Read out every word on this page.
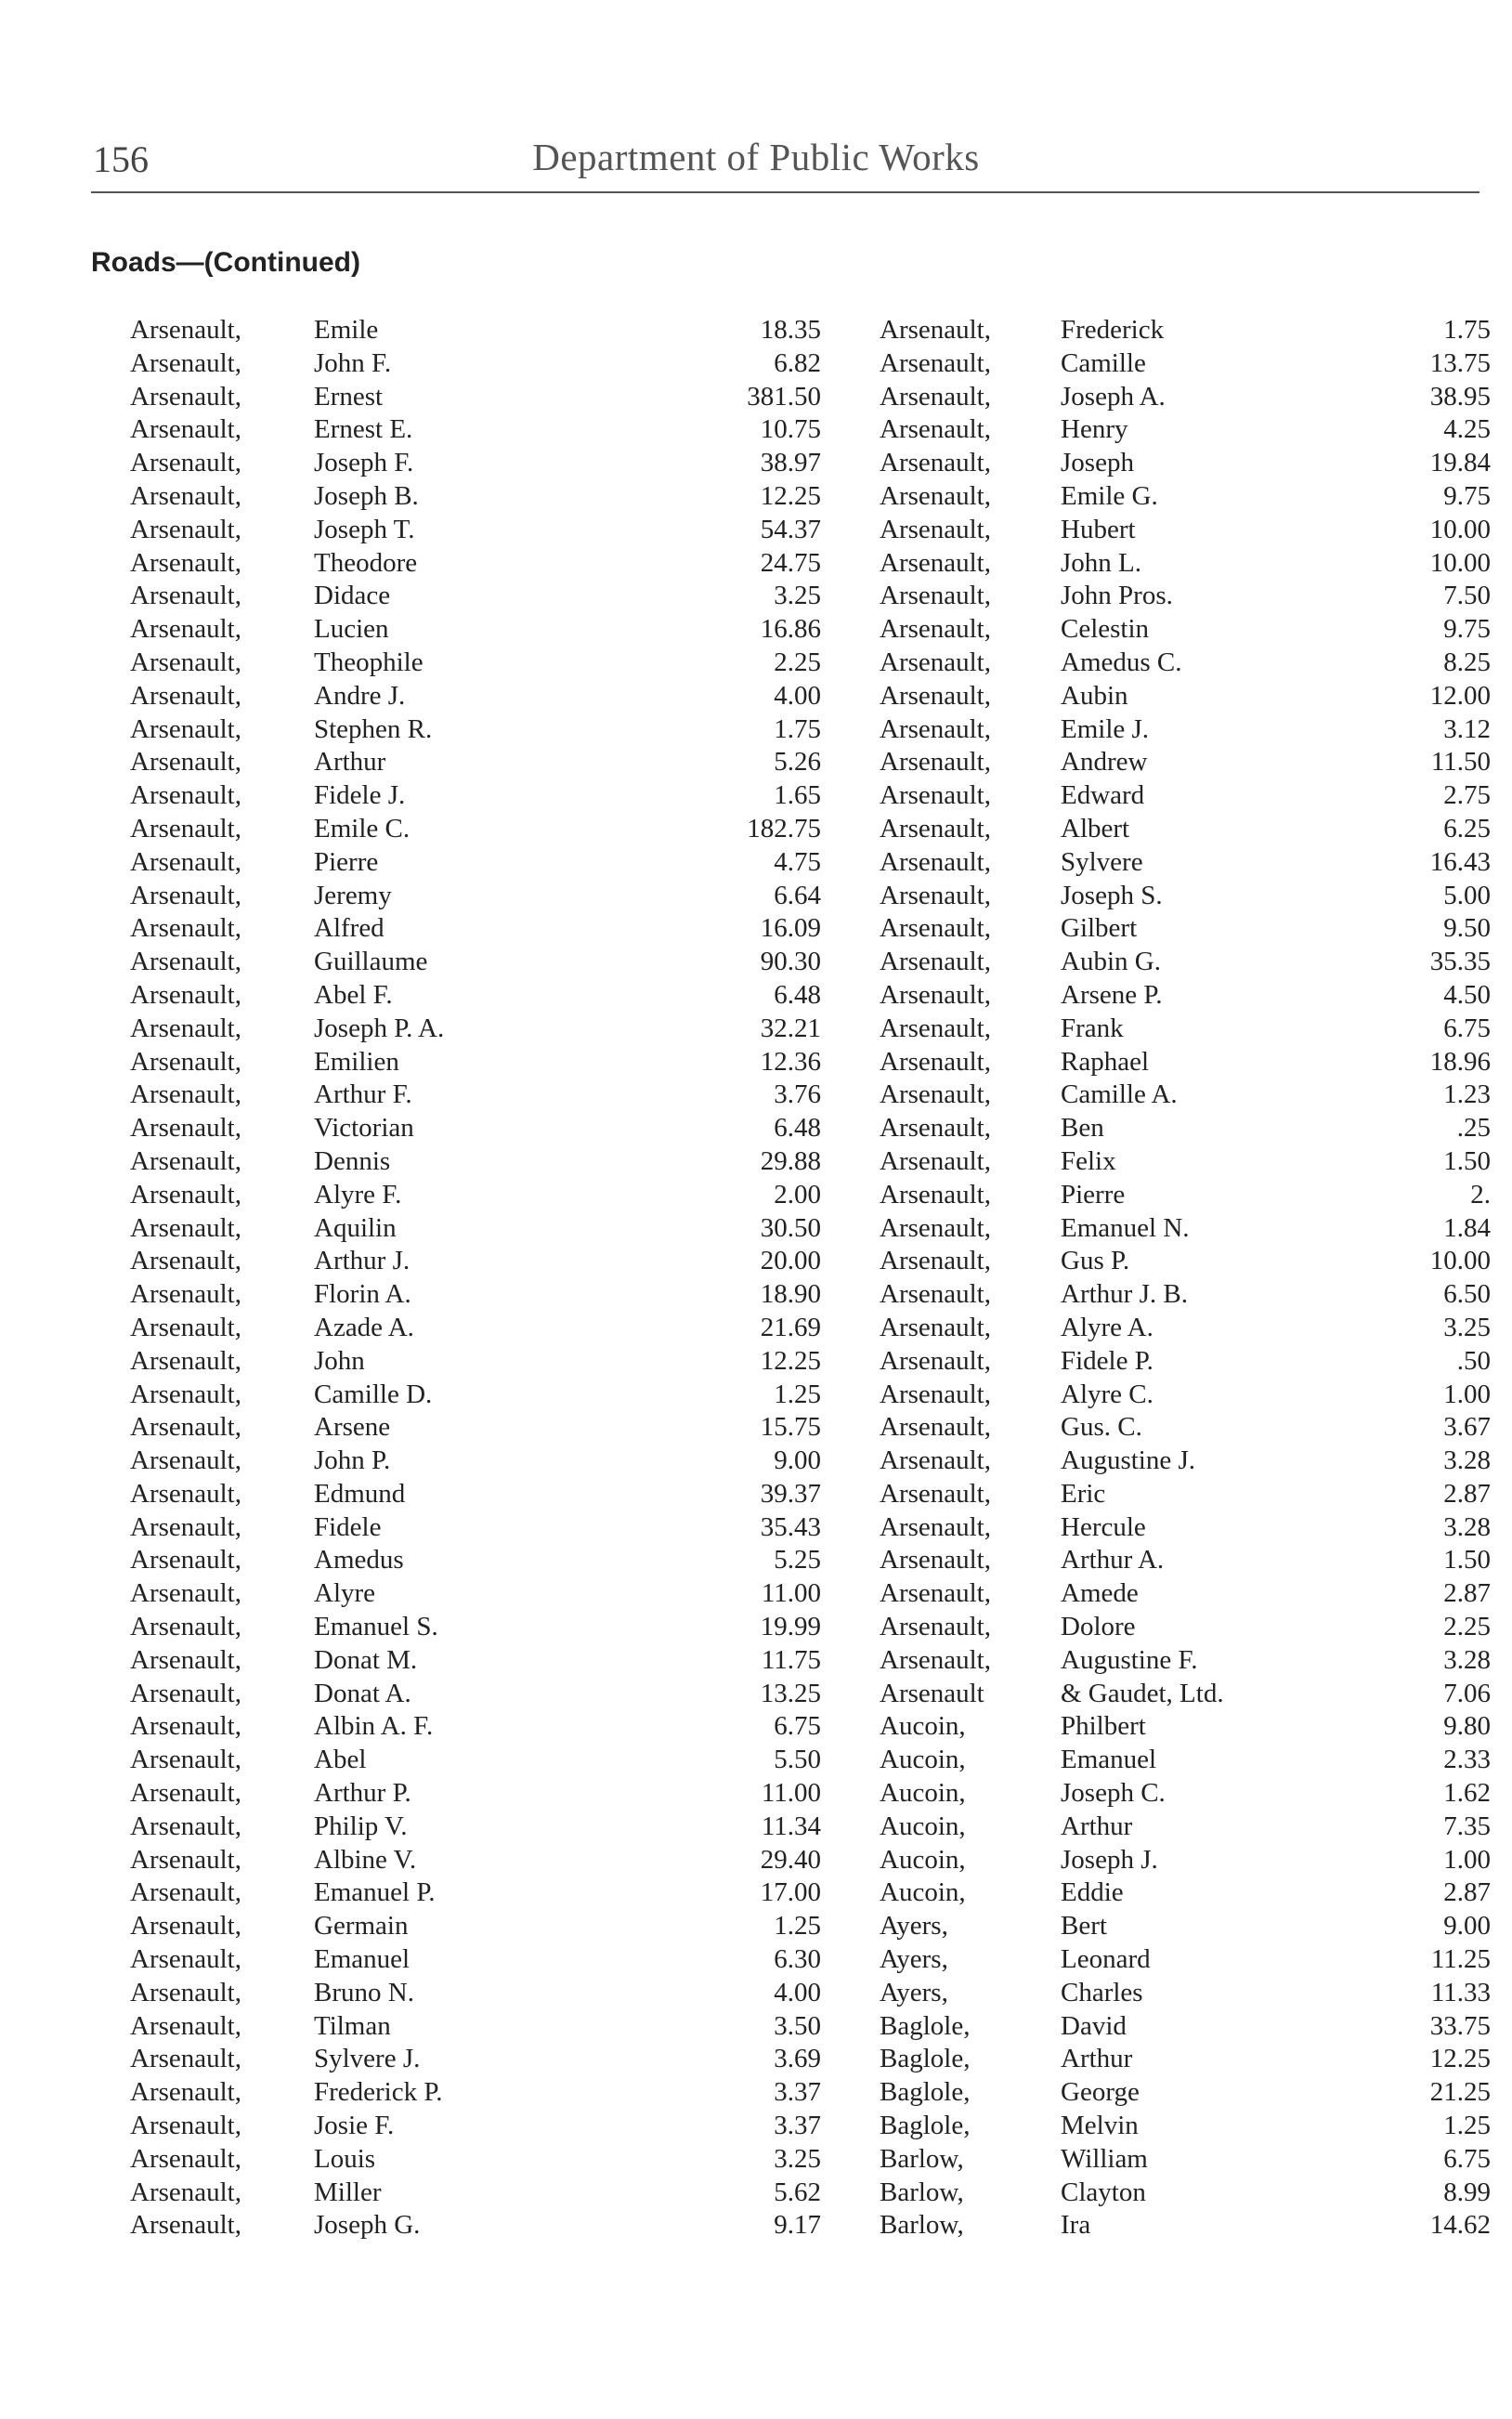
156	Department of Public Works
Roads—(Continued)
Arsenault,	Emile	18.35
Arsenault,	John F.	6.82
Arsenault,	Ernest	381.50
Arsenault,	Ernest E.	10.75
Arsenault,	Joseph F.	38.97
Arsenault,	Joseph B.	12.25
Arsenault,	Joseph T.	54.37
Arsenault,	Theodore	24.75
Arsenault,	Didace	3.25
Arsenault,	Lucien	16.86
Arsenault,	Theophile	2.25
Arsenault,	Andre J.	4.00
Arsenault,	Stephen R.	1.75
Arsenault,	Arthur	5.26
Arsenault,	Fidele J.	1.65
Arsenault,	Emile C.	182.75
Arsenault,	Pierre	4.75
Arsenault,	Jeremy	6.64
Arsenault,	Alfred	16.09
Arsenault,	Guillaume	90.30
Arsenault,	Abel F.	6.48
Arsenault,	Joseph P. A.	32.21
Arsenault,	Emilien	12.36
Arsenault,	Arthur F.	3.76
Arsenault,	Victorian	6.48
Arsenault,	Dennis	29.88
Arsenault,	Alyre F.	2.00
Arsenault,	Aquilin	30.50
Arsenault,	Arthur J.	20.00
Arsenault,	Florin A.	18.90
Arsenault,	Azade A.	21.69
Arsenault,	John	12.25
Arsenault,	Camille D.	1.25
Arsenault,	Arsene	15.75
Arsenault,	John P.	9.00
Arsenault,	Edmund	39.37
Arsenault,	Fidele	35.43
Arsenault,	Amedus	5.25
Arsenault,	Alyre	11.00
Arsenault,	Emanuel S.	19.99
Arsenault,	Donat M.	11.75
Arsenault,	Donat A.	13.25
Arsenault,	Albin A. F.	6.75
Arsenault,	Abel	5.50
Arsenault,	Arthur P.	11.00
Arsenault,	Philip V.	11.34
Arsenault,	Albine V.	29.40
Arsenault,	Emanuel P.	17.00
Arsenault,	Germain	1.25
Arsenault,	Emanuel	6.30
Arsenault,	Bruno N.	4.00
Arsenault,	Tilman	3.50
Arsenault,	Sylvere J.	3.69
Arsenault,	Frederick P.	3.37
Arsenault,	Josie F.	3.37
Arsenault,	Louis	3.25
Arsenault,	Miller	5.62
Arsenault,	Joseph G.	9.17
Arsenault,	Frederick	1.75
Arsenault,	Camille	13.75
Arsenault,	Joseph A.	38.95
Arsenault,	Henry	4.25
Arsenault,	Joseph	19.84
Arsenault,	Emile G.	9.75
Arsenault,	Hubert	10.00
Arsenault,	John L.	10.00
Arsenault,	John Pros.	7.50
Arsenault,	Celestin	9.75
Arsenault,	Amedus C.	8.25
Arsenault,	Aubin	12.00
Arsenault,	Emile J.	3.12
Arsenault,	Andrew	11.50
Arsenault,	Edward	2.75
Arsenault,	Albert	6.25
Arsenault,	Sylvere	16.43
Arsenault,	Joseph S.	5.00
Arsenault,	Gilbert	9.50
Arsenault,	Aubin G.	35.35
Arsenault,	Arsene P.	4.50
Arsenault,	Frank	6.75
Arsenault,	Raphael	18.96
Arsenault,	Camille A.	1.23
Arsenault,	Ben	.25
Arsenault,	Felix	1.50
Arsenault,	Pierre	2.
Arsenault,	Emanuel N.	1.84
Arsenault,	Gus P.	10.00
Arsenault,	Arthur J. B.	6.50
Arsenault,	Alyre A.	3.25
Arsenault,	Fidele P.	.50
Arsenault,	Alyre C.	1.00
Arsenault,	Gus. C.	3.67
Arsenault,	Augustine J.	3.28
Arsenault,	Eric	2.87
Arsenault,	Hercule	3.28
Arsenault,	Arthur A.	1.50
Arsenault,	Amede	2.87
Arsenault,	Dolore	2.25
Arsenault,	Augustine F.	3.28
Arsenault	& Gaudet, Ltd.	7.06
Aucoin,	Philbert	9.80
Aucoin,	Emanuel	2.33
Aucoin,	Joseph C.	1.62
Aucoin,	Arthur	7.35
Aucoin,	Joseph J.	1.00
Aucoin,	Eddie	2.87
Ayers,	Bert	9.00
Ayers,	Leonard	11.25
Ayers,	Charles	11.33
Baglole,	David	33.75
Baglole,	Arthur	12.25
Baglole,	George	21.25
Baglole,	Melvin	1.25
Barlow,	William	6.75
Barlow,	Clayton	8.99
Barlow,	Ira	14.62
